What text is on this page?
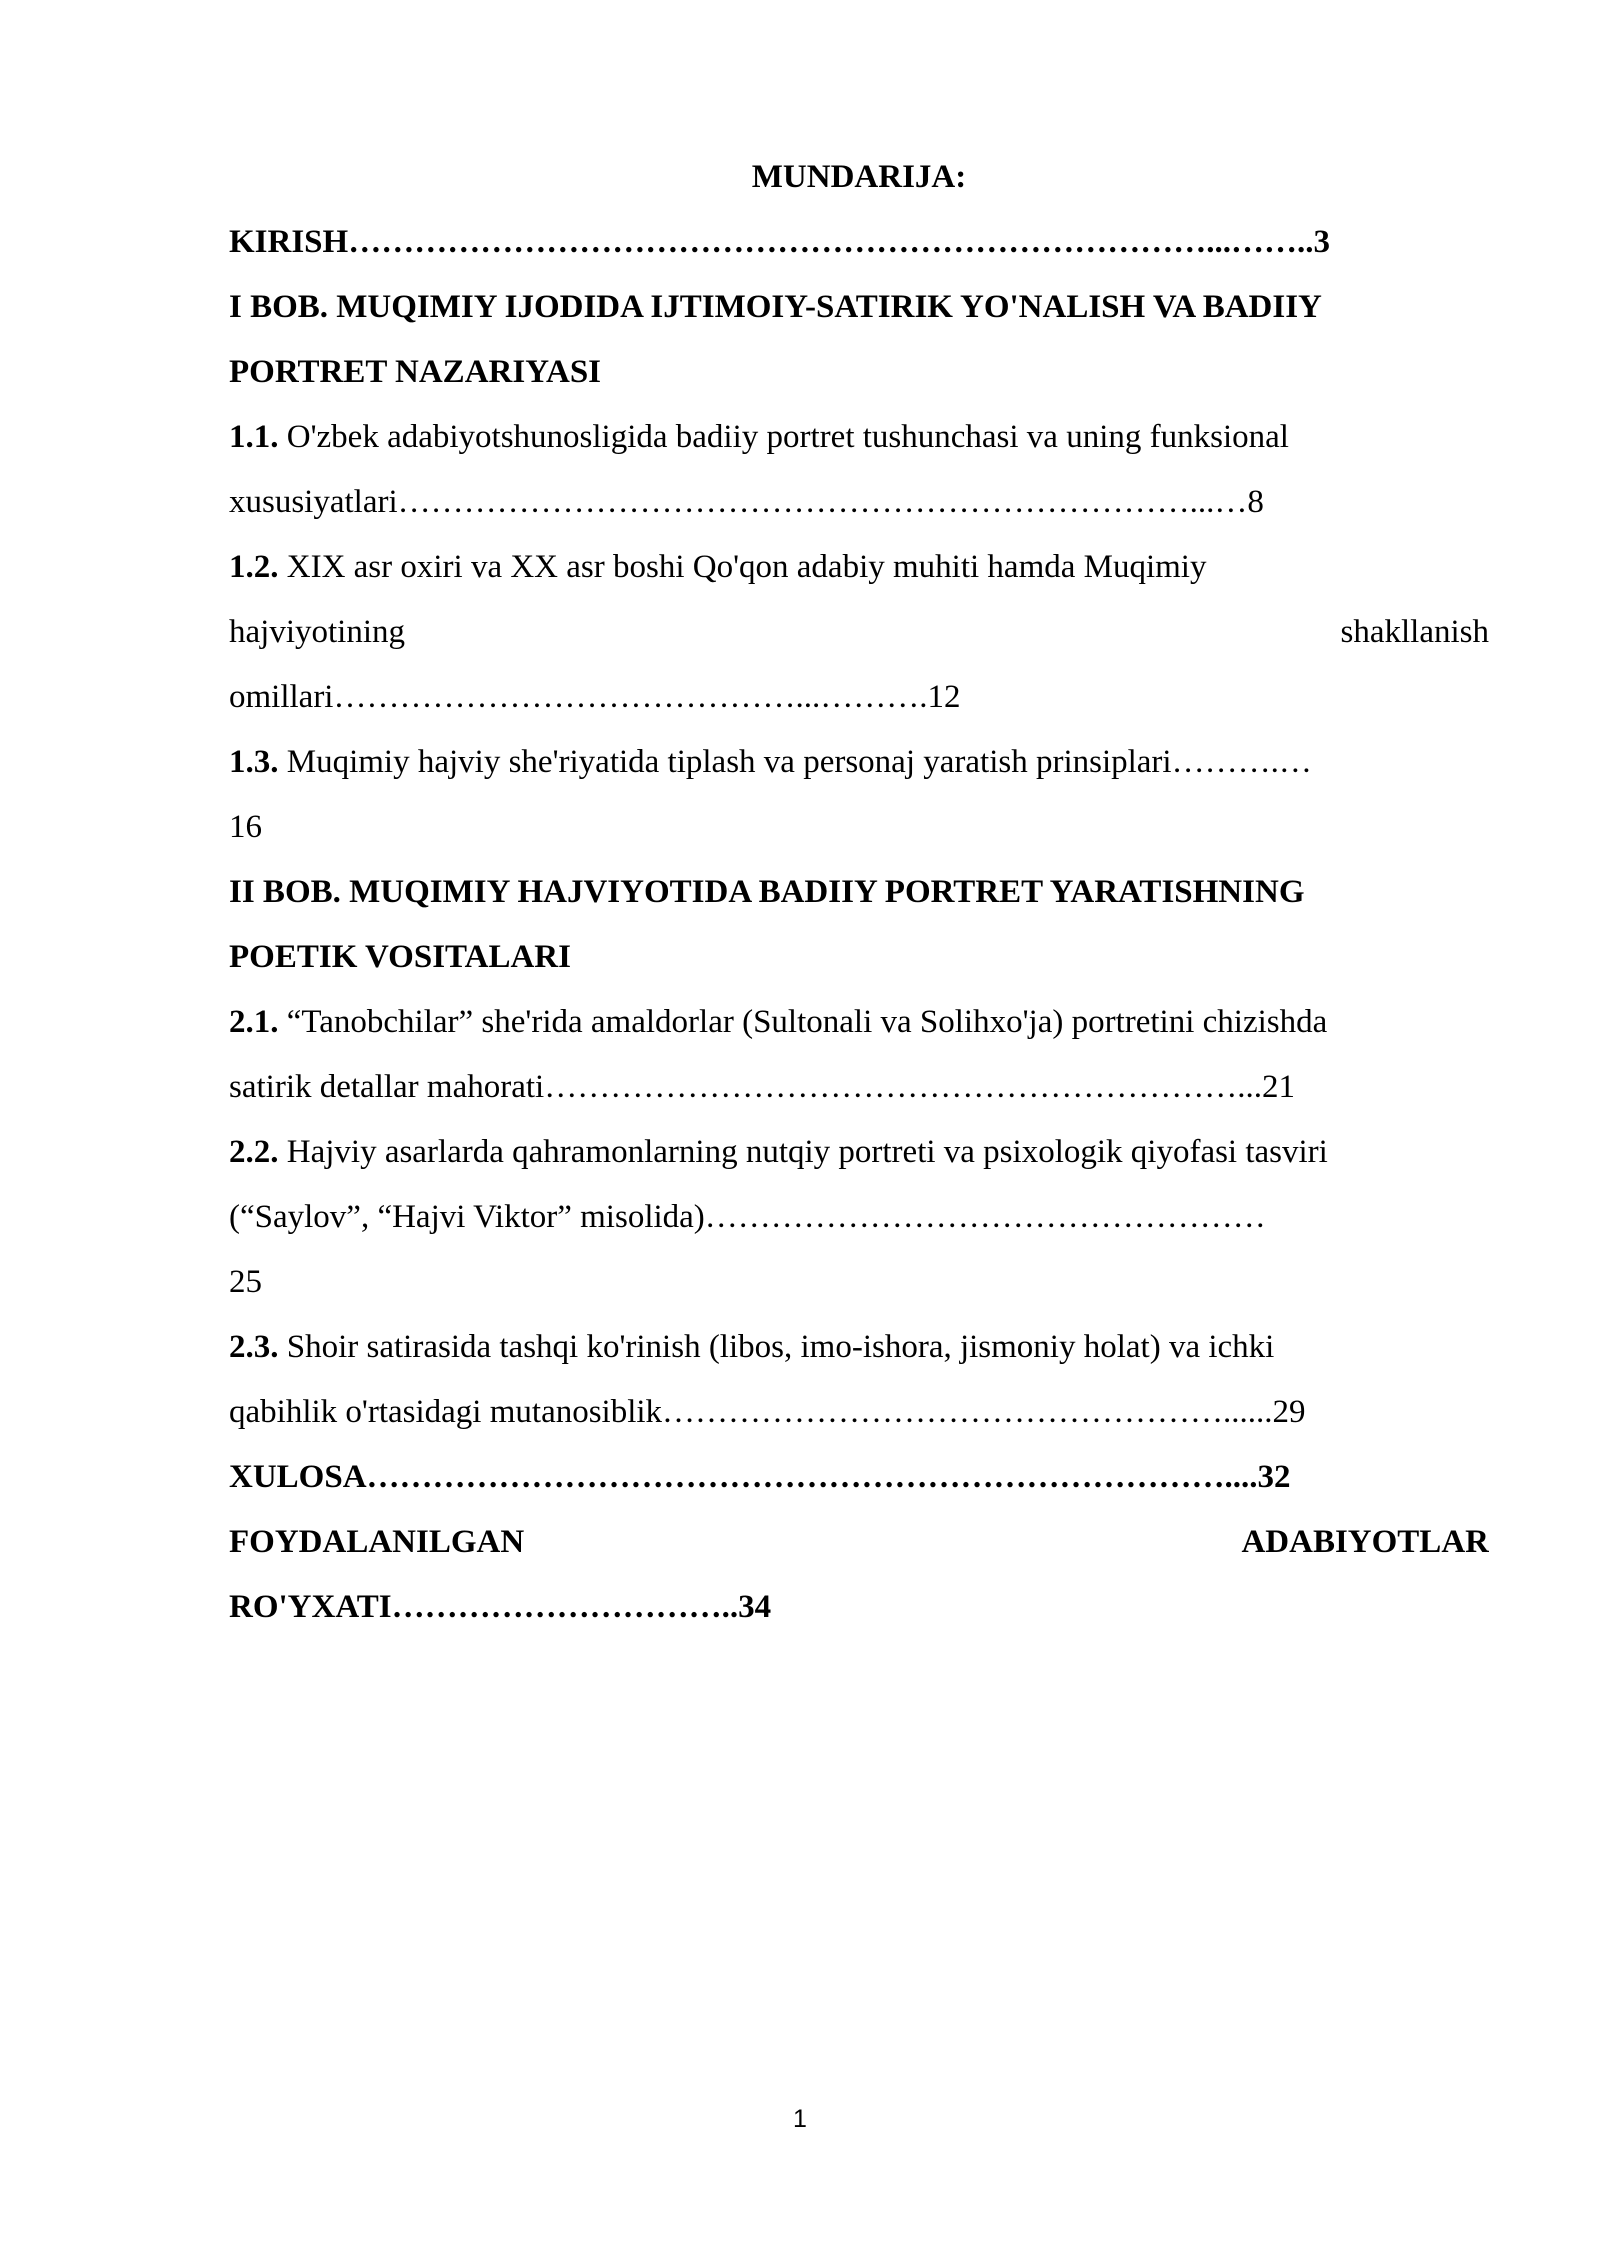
MUNDARIJA:
KIRISH……………………………………………………………………...……..3
I BOB. MUQIMIY IJODIDA IJTIMOIY-SATIRIK YO'NALISH VA BADIIY
PORTRET NAZARIYASI
1.1. O'zbek adabiyotshunosligida badiiy portret tushunchasi va uning funksional
xususiyatlari………………………………………………………………...…8
1.2. XIX asr oxiri va XX asr boshi Qo'qon adabiy muhiti hamda Muqimiy
hajviyotining	shakllanish
omillari……………………………………...……….12
1.3. Muqimiy hajviy she'riyatida tiplash va personaj yaratish prinsiplari……….…
16
II BOB. MUQIMIY HAJVIYOTIDA BADIIY PORTRET YARATISHNING
POETIK VOSITALARI
2.1. “Tanobchilar” she'rida amaldorlar (Sultonali va Solihxo'ja) portretini chizishda
satirik detallar mahorati………………………………………………………...21
2.2. Hajviy asarlarda qahramonlarning nutqiy portreti va psixologik qiyofasi tasviri
(“Saylov”, “Hajvi Viktor” misolida)……………………………………………
25
2.3. Shoir satirasida tashqi ko'rinish (libos, imo-ishora, jismoniy holat) va ichki
qabihlik o'rtasidagi mutanosiblik……………………………………………......29
XULOSA……………………………………………………………………....32
FOYDALANILGAN	ADABIYOTLAR
RO'YXATI…………………………..34
1
